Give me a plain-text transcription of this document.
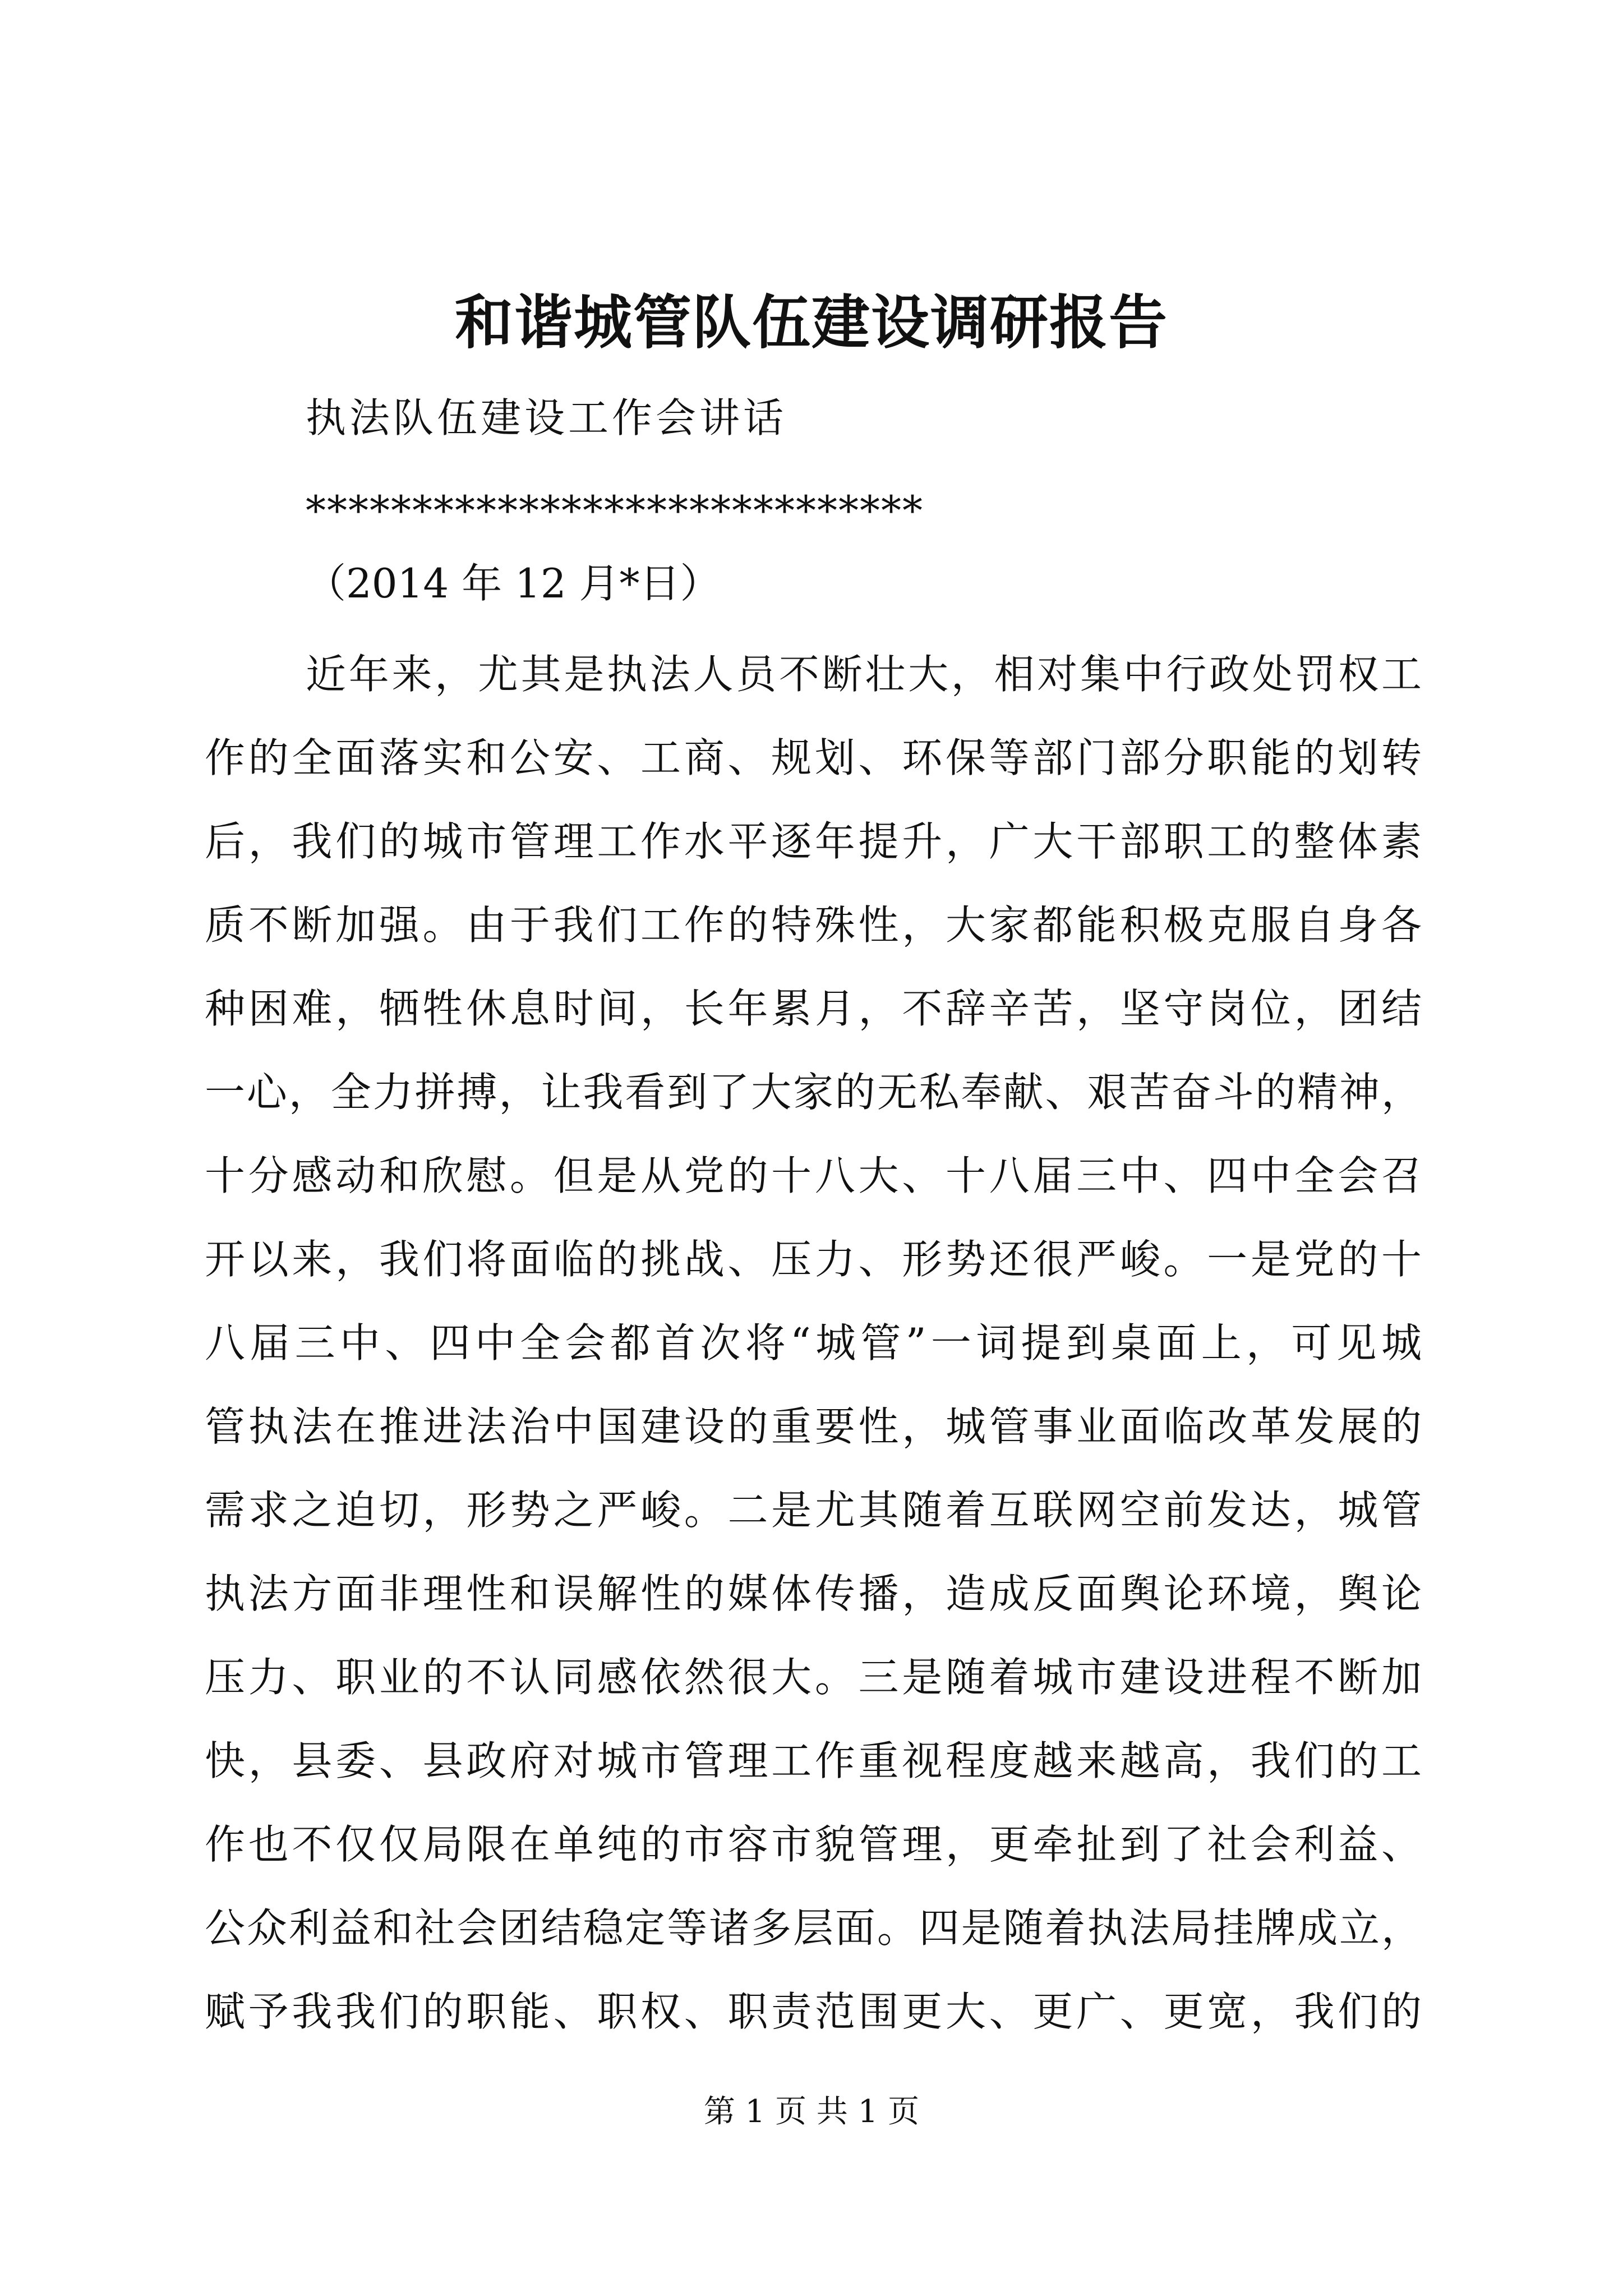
和谐城管队伍建设调研报告
执法队伍建设工作会讲话
*****************************
（2014 年 12 月*日）
近年来，尤其是执法人员不断壮大，相对集中行政处罚权工
作的全面落实和公安、工商、规划、环保等部门部分职能的划转
后，我们的城市管理工作水平逐年提升，广大干部职工的整体素
质不断加强。由于我们工作的特殊性，大家都能积极克服自身各
种困难，牺牲休息时间，长年累月，不辞辛苦，坚守岗位，团结
一心，全力拼搏，让我看到了大家的无私奉献、艰苦奋斗的精神，
十分感动和欣慰。但是从党的十八大、十八届三中、四中全会召
开以来，我们将面临的挑战、压力、形势还很严峻。一是党的十
八届三中、四中全会都首次将“城管”一词提到桌面上，可见城
管执法在推进法治中国建设的重要性，城管事业面临改革发展的
需求之迫切，形势之严峻。二是尤其随着互联网空前发达，城管
执法方面非理性和误解性的媒体传播，造成反面舆论环境，舆论
压力、职业的不认同感依然很大。三是随着城市建设进程不断加
快，县委、县政府对城市管理工作重视程度越来越高，我们的工
作也不仅仅局限在单纯的市容市貌管理，更牵扯到了社会利益、
公众利益和社会团结稳定等诸多层面。四是随着执法局挂牌成立，
赋予我我们的职能、职权、职责范围更大、更广、更宽，我们的
第 1 页 共 1 页
